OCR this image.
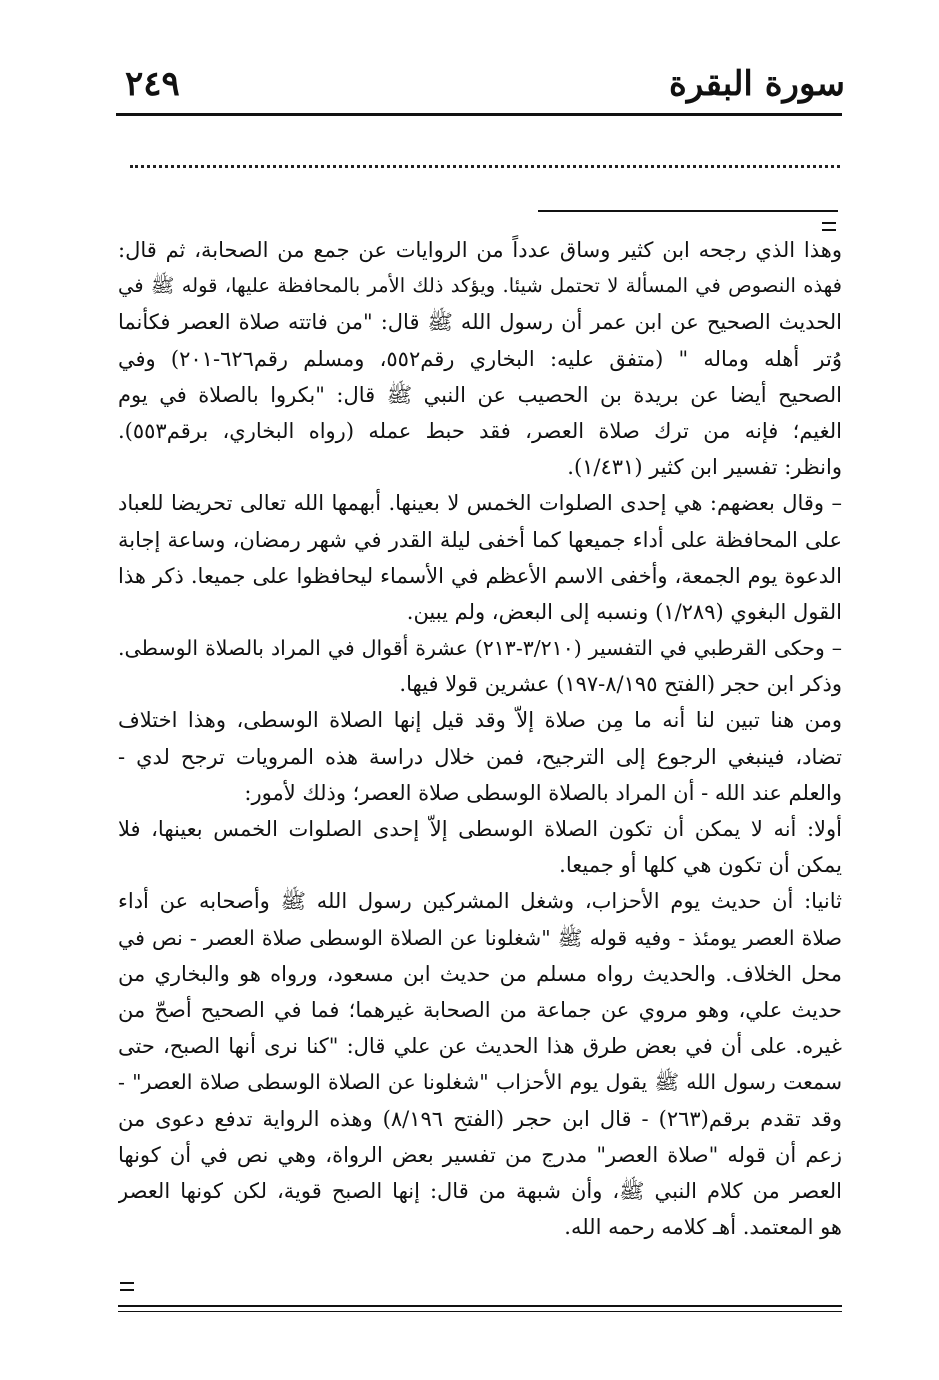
٢٤٩	سورة البقرة
وهذا الذي رجحه ابن كثير وساق عدداً من الروايات عن جمع من الصحابة، ثم قال:
فهذه النصوص في المسألة لا تحتمل شيئا. ويؤكد ذلك الأمر بالمحافظة عليها، قوله ﷺ في
الحديث الصحيح عن ابن عمر أن رسول الله ﷺ قال: "من فاتته صلاة العصر فكأنما
وُتر أهله وماله " (متفق عليه: البخاري رقم٥٥٢، ومسلم رقم٦٢٦-٢٠١) وفي
الصحيح أيضا عن بريدة بن الحصيب عن النبي ﷺ قال: "بكروا بالصلاة في يوم
الغيم؛ فإنه من ترك صلاة العصر، فقد حبط عمله (رواه البخاري، برقم٥٥٣).
وانظر: تفسير ابن كثير (١/٤٣١).
– وقال بعضهم: هي إحدى الصلوات الخمس لا بعينها. أبهمها الله تعالى تحريضا للعباد
على المحافظة على أداء جميعها كما أخفى ليلة القدر في شهر رمضان، وساعة إجابة
الدعوة يوم الجمعة، وأخفى الاسم الأعظم في الأسماء ليحافظوا على جميعا. ذكر هذا
القول البغوي (١/٢٨٩) ونسبه إلى البعض، ولم يبين.
– وحكى القرطبي في التفسير (٣/٢١٠-٢١٣) عشرة أقوال في المراد بالصلاة الوسطى.
وذكر ابن حجر (الفتح ٨/١٩٥-١٩٧) عشرين قولا فيها.
ومن هنا تبين لنا أنه ما مِن صلاة إلاّ وقد قيل إنها الصلاة الوسطى، وهذا اختلاف
تضاد، فينبغي الرجوع إلى الترجيح، فمن خلال دراسة هذه المرويات ترجح لدي -
والعلم عند الله - أن المراد بالصلاة الوسطى صلاة العصر؛ وذلك لأمور:
أولا: أنه لا يمكن أن تكون الصلاة الوسطى إلاّ إحدى الصلوات الخمس بعينها، فلا
يمكن أن تكون هي كلها أو جميعا.
ثانيا: أن حديث يوم الأحزاب، وشغل المشركين رسول الله ﷺ وأصحابه عن أداء
صلاة العصر يومئذ - وفيه قوله ﷺ "شغلونا عن الصلاة الوسطى صلاة العصر - نص في
محل الخلاف. والحديث رواه مسلم من حديث ابن مسعود، ورواه هو والبخاري من
حديث علي، وهو مروي عن جماعة من الصحابة غيرهما؛ فما في الصحيح أصحّ من
غيره. على أن في بعض طرق هذا الحديث عن علي قال: "كنا نرى أنها الصبح، حتى
سمعت رسول الله ﷺ يقول يوم الأحزاب "شغلونا عن الصلاة الوسطى صلاة العصر" -
وقد تقدم برقم(٢٦٣) - قال ابن حجر (الفتح ٨/١٩٦) وهذه الرواية تدفع دعوى من
زعم أن قوله "صلاة العصر" مدرج من تفسير بعض الرواة، وهي نص في أن كونها
العصر من كلام النبي ﷺ، وأن شبهة من قال: إنها الصبح قوية، لكن كونها العصر
هو المعتمد. أهـ كلامه رحمه الله.
